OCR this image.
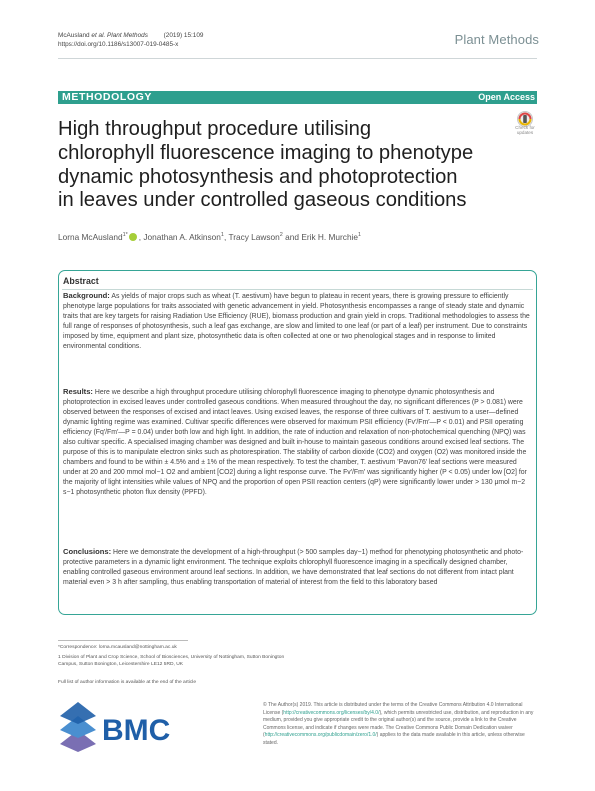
McAusland et al. Plant Methods (2019) 15:109
https://doi.org/10.1186/s13007-019-0485-x	Plant Methods
METHODOLOGY	Open Access
Check for
updates
High throughput procedure utilising
chlorophyll fluorescence imaging to phenotype
dynamic photosynthesis and photoprotection
in leaves under controlled gaseous conditions
Lorna McAusland$^{1*}$ , Jonathan A. Atkinson$^1$, Tracy Lawson$^2$ and Erik H. Murchie$^1$
Abstract

Background: As yields of major crops such as wheat (T. aestivum) have begun to plateau in recent years, there is growing pressure to efficiently phenotype large populations for traits associated with genetic advancement in yield. Photosynthesis encompasses a range of steady state and dynamic traits that are key targets for raising Radiation Use Efficiency (RUE), biomass production and grain yield in crops. Traditional methodologies to assess the full range of responses of photosynthesis, such a leaf gas exchange, are slow and limited to one leaf (or part of a leaf) per instrument. Due to constraints imposed by time, equipment and plant size, photosynthetic data is often collected at one or two phenological stages and in response to limited environmental conditions.

Results: Here we describe a high throughput procedure utilising chlorophyll fluorescence imaging to phenotype dynamic photosynthesis and photoprotection in excised leaves under controlled gaseous conditions. When measured throughout the day, no significant differences (P > 0.081) were observed between the responses of excised and intact leaves. Using excised leaves, the response of three cultivars of T. aestivum to a user—defined dynamic lighting regime was examined. Cultivar specific differences were observed for maximum PSII efficiency (Fv′/Fm′—P < 0.01) and PSII operating efficiency (Fq′/Fm′—P = 0.04) under both low and high light. In addition, the rate of induction and relaxation of non-photochemical quenching (NPQ) was also cultivar specific. A specialised imaging chamber was designed and built in-house to maintain gaseous conditions around excised leaf sections. The purpose of this is to manipulate electron sinks such as photorespiration. The stability of carbon dioxide (CO2) and oxygen (O2) was monitored inside the chambers and found to be within ± 4.5% and ± 1% of the mean respectively. To test the chamber, T. aestivum 'Pavon76' leaf sections were measured under at 20 and 200 mmol mol−1 O2 and ambient [CO2] during a light response curve. The Fv′/Fm′ was significantly higher (P < 0.05) under low [O2] for the majority of light intensities while values of NPQ and the proportion of open PSII reaction centers (qP) were significantly lower under > 130 μmol m−2 s−1 photosynthetic photon flux density (PPFD).

Conclusions: Here we demonstrate the development of a high-throughput (> 500 samples day−1) method for phenotyping photosynthetic and photo-protective parameters in a dynamic light environment. The technique exploits chlorophyll fluorescence imaging in a specifically designed chamber, enabling controlled gaseous environment around leaf sections. In addition, we have demonstrated that leaf sections do not different from intact plant material even > 3 h after sampling, thus enabling transportation of material of interest from the field to this laboratory based

*Correspondence: lorna.mcausland@nottingham.ac.uk

1 Division of Plant and Crop Science, School of Biosciences, University of Nottingham, Sutton Bonington Campus, Sutton Bonington, Leicestershire LE12 5RD, UK

Full list of author information is available at the end of the article

BMC

© The Author(s) 2019. This article is distributed under the terms of the Creative Commons Attribution 4.0 International License (http://creativecommons.org/licenses/by/4.0/), which permits unrestricted use, distribution, and reproduction in any medium, provided you give appropriate credit to the original author(s) and the source, provide a link to the Creative Commons license, and indicate if changes were made. The Creative Commons Public Domain Dedication waiver (http://creativecommons.org/publicdomain/zero/1.0/) applies to the data made available in this article, unless otherwise stated.
